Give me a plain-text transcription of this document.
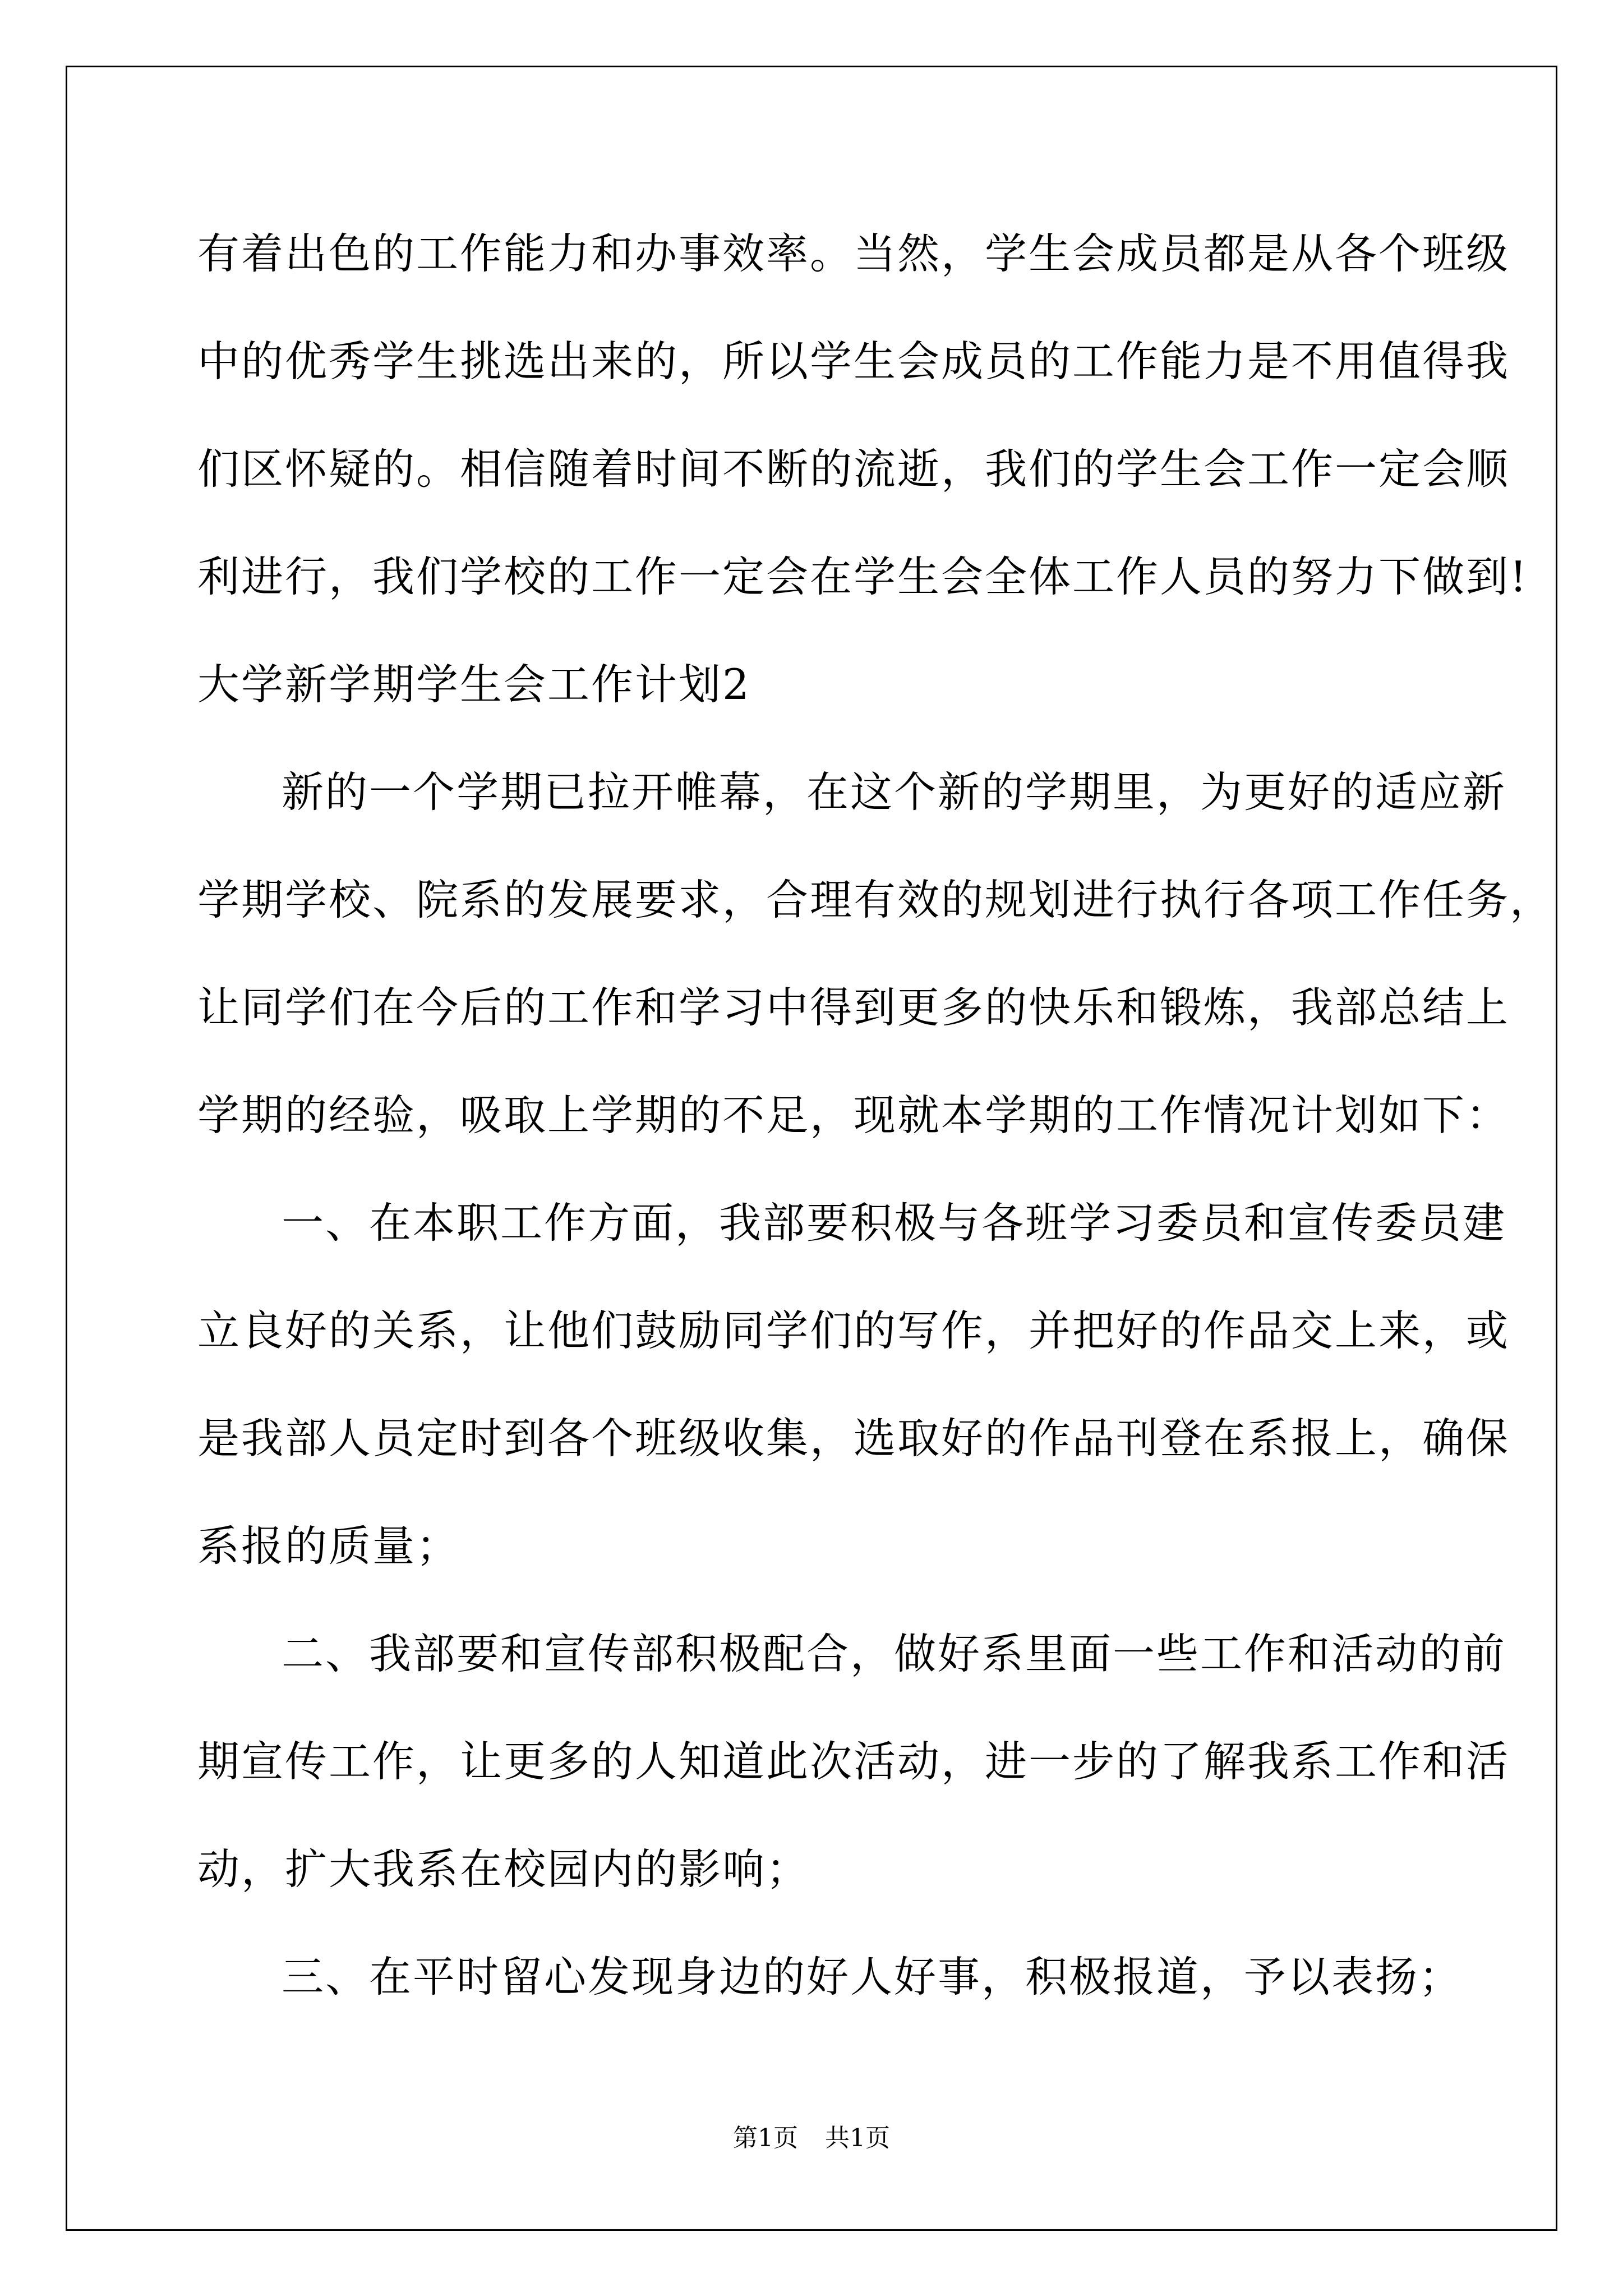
有着出色的工作能力和办事效率。当然，学生会成员都是从各个班级
中的优秀学生挑选出来的，所以学生会成员的工作能力是不用值得我
们区怀疑的。相信随着时间不断的流逝，我们的学生会工作一定会顺
利进行，我们学校的工作一定会在学生会全体工作人员的努力下做到!
大学新学期学生会工作计划2
新的一个学期已拉开帷幕，在这个新的学期里，为更好的适应新
学期学校、院系的发展要求，合理有效的规划进行执行各项工作任务，
让同学们在今后的工作和学习中得到更多的快乐和锻炼，我部总结上
学期的经验，吸取上学期的不足，现就本学期的工作情况计划如下：
一、在本职工作方面，我部要积极与各班学习委员和宣传委员建
立良好的关系，让他们鼓励同学们的写作，并把好的作品交上来，或
是我部人员定时到各个班级收集，选取好的作品刊登在系报上，确保
系报的质量；
二、我部要和宣传部积极配合，做好系里面一些工作和活动的前
期宣传工作，让更多的人知道此次活动，进一步的了解我系工作和活
动，扩大我系在校园内的影响；
三、在平时留心发现身边的好人好事，积极报道，予以表扬；
第1页 共1页
